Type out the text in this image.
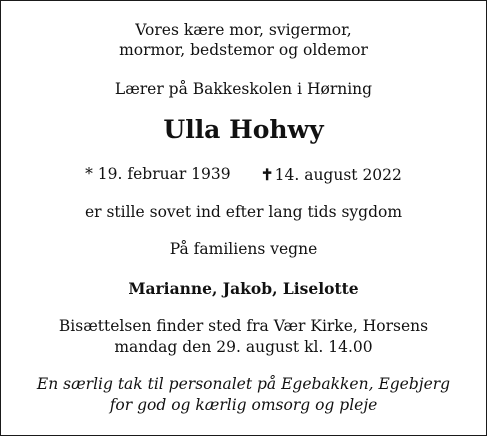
Vores kære mor, svigermor,
mormor, bedstemor og oldemor
Lærer på Bakkeskolen i Hørning
Ulla Hohwy
* 19. februar 1939 ✝ 14. august 2022
er stille sovet ind efter lang tids sygdom
På familiens vegne
Marianne, Jakob, Liselotte
Bisættelsen finder sted fra Vær Kirke, Horsens
mandag den 29. august kl. 14.00
En særlig tak til personalet på Egebakken, Egebjerg
for god og kærlig omsorg og pleje
